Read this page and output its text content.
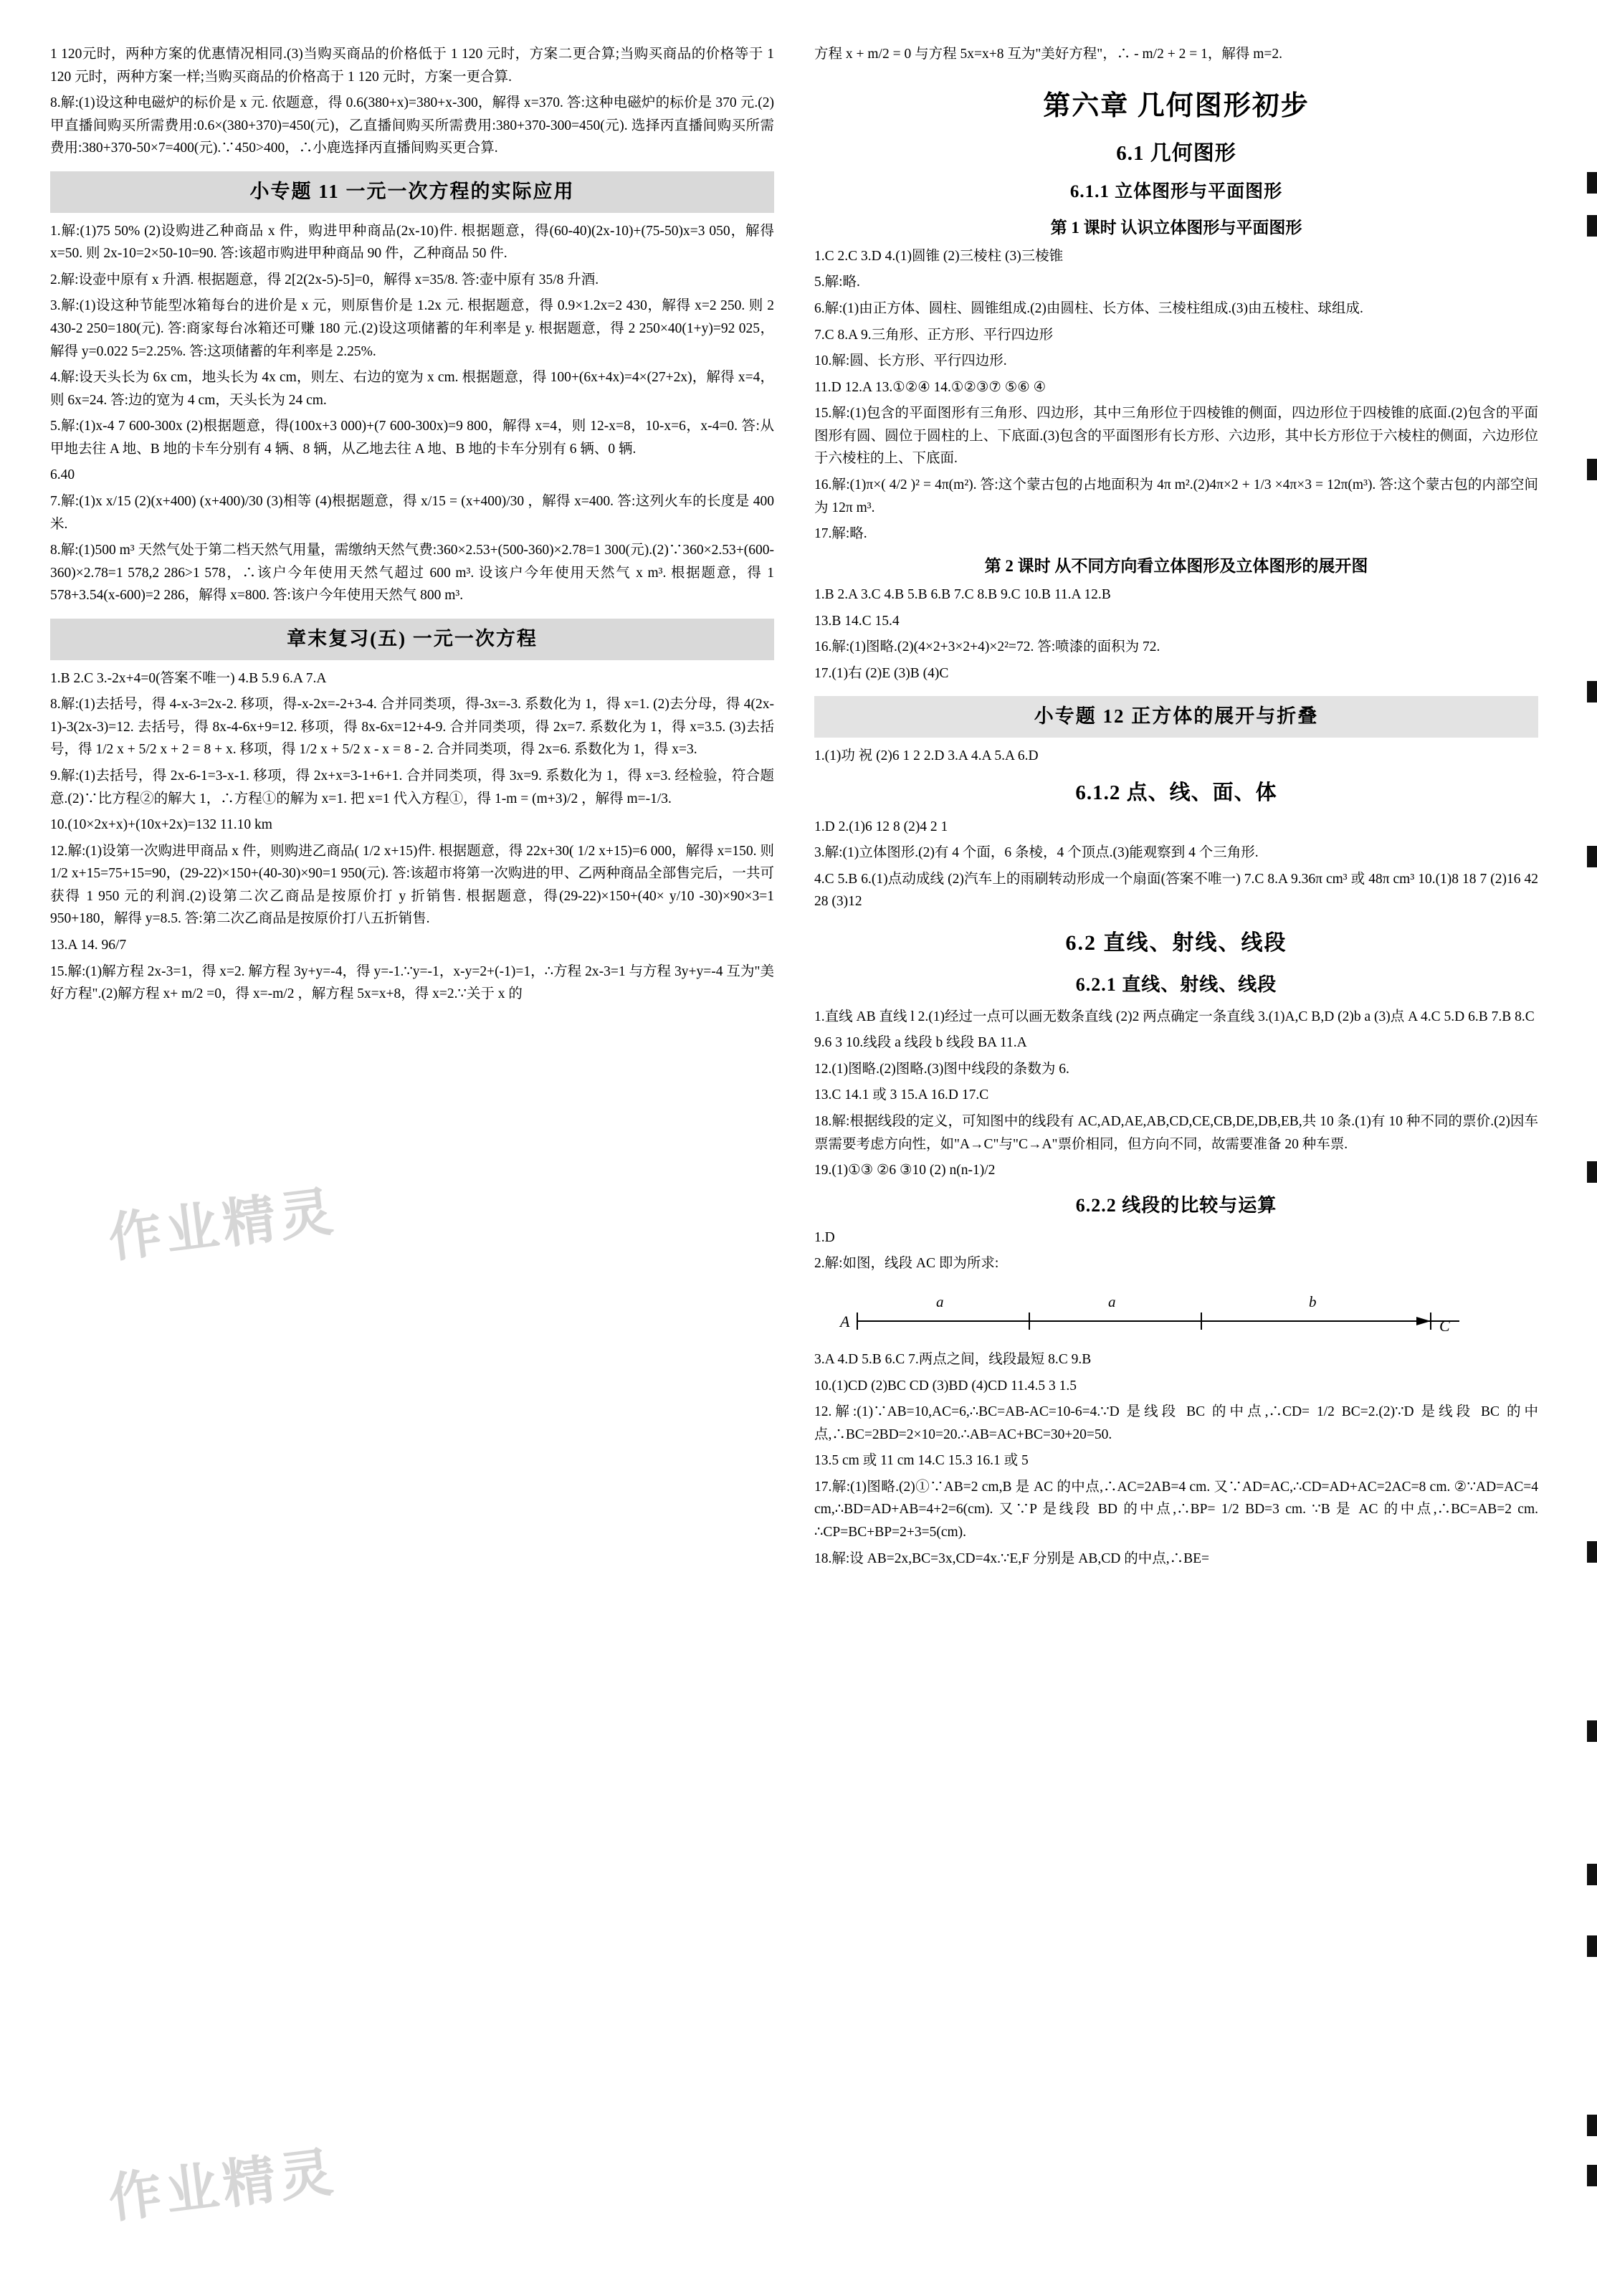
作业精灵
作业精灵

1 120元时，两种方案的优惠情况相同.(3)当购买商品的价格低于 1 120 元时，方案二更合算;当购买商品的价格等于 1 120 元时，两种方案一样;当购买商品的价格高于 1 120 元时，方案一更合算.

8.解:(1)设这种电磁炉的标价是 x 元. 依题意，得 0.6(380+x)=380+x-300，解得 x=370. 答:这种电磁炉的标价是 370 元.(2)甲直播间购买所需费用:0.6×(380+370)=450(元)，乙直播间购买所需费用:380+370-300=450(元). 选择丙直播间购买所需费用:380+370-50×7=400(元).∵450>400，∴小鹿选择丙直播间购买更合算.

小专题 11 一元一次方程的实际应用

1.解:(1)75 50% (2)设购进乙种商品 x 件，购进甲种商品(2x-10)件. 根据题意，得(60-40)(2x-10)+(75-50)x=3 050，解得 x=50. 则 2x-10=2×50-10=90. 答:该超市购进甲种商品 90 件，乙种商品 50 件.

2.解:设壶中原有 x 升酒. 根据题意，得 2[2(2x-5)-5]=0，解得 x=35/8. 答:壶中原有 35/8 升酒.

3.解:(1)设这种节能型冰箱每台的进价是 x 元，则原售价是 1.2x 元. 根据题意，得 0.9×1.2x=2 430，解得 x=2 250. 则 2 430-2 250=180(元). 答:商家每台冰箱还可赚 180 元.(2)设这项储蓄的年利率是 y. 根据题意，得 2 250×40(1+y)=92 025，解得 y=0.022 5=2.25%. 答:这项储蓄的年利率是 2.25%.

4.解:设天头长为 6x cm，地头长为 4x cm，则左、右边的宽为 x cm. 根据题意，得 100+(6x+4x)=4×(27+2x)，解得 x=4，则 6x=24. 答:边的宽为 4 cm，天头长为 24 cm.

5.解:(1)x-4 7 600-300x (2)根据题意，得(100x+3 000)+(7 600-300x)=9 800，解得 x=4，则 12-x=8，10-x=6，x-4=0. 答:从甲地去往 A 地、B 地的卡车分别有 4 辆、8 辆，从乙地去往 A 地、B 地的卡车分别有 6 辆、0 辆.

6.40

7.解:(1)x x/15 (2)(x+400) (x+400)/30 (3)相等 (4)根据题意，得 x/15 = (x+400)/30 ，解得 x=400. 答:这列火车的长度是 400 米.

8.解:(1)500 m³ 天然气处于第二档天然气用量，需缴纳天然气费:360×2.53+(500-360)×2.78=1 300(元).(2)∵360×2.53+(600-360)×2.78=1 578,2 286>1 578，∴该户今年使用天然气超过 600 m³. 设该户今年使用天然气 x m³. 根据题意，得 1 578+3.54(x-600)=2 286，解得 x=800. 答:该户今年使用天然气 800 m³.

章末复习(五) 一元一次方程

1.B 2.C 3.-2x+4=0(答案不唯一) 4.B 5.9 6.A 7.A

8.解:(1)去括号，得 4-x-3=2x-2. 移项，得-x-2x=-2+3-4. 合并同类项，得-3x=-3. 系数化为 1，得 x=1. (2)去分母，得 4(2x-1)-3(2x-3)=12. 去括号，得 8x-4-6x+9=12. 移项，得 8x-6x=12+4-9. 合并同类项，得 2x=7. 系数化为 1，得 x=3.5. (3)去括号，得 1/2 x + 5/2 x + 2 = 8 + x. 移项，得 1/2 x + 5/2 x - x = 8 - 2. 合并同类项，得 2x=6. 系数化为 1，得 x=3.

9.解:(1)去括号，得 2x-6-1=3-x-1. 移项，得 2x+x=3-1+6+1. 合并同类项，得 3x=9. 系数化为 1，得 x=3. 经检验，符合题意.(2)∵比方程②的解大 1，∴方程①的解为 x=1. 把 x=1 代入方程①，得 1-m = (m+3)/2 ，解得 m=-1/3.

10.(10×2x+x)+(10x+2x)=132 11.10 km

12.解:(1)设第一次购进甲商品 x 件，则购进乙商品( 1/2 x+15)件. 根据题意，得 22x+30( 1/2 x+15)=6 000，解得 x=150. 则 1/2 x+15=75+15=90，(29-22)×150+(40-30)×90=1 950(元). 答:该超市将第一次购进的甲、乙两种商品全部售完后，一共可获得 1 950 元的利润.(2)设第二次乙商品是按原价打 y 折销售. 根据题意，得(29-22)×150+(40× y/10 -30)×90×3=1 950+180，解得 y=8.5. 答:第二次乙商品是按原价打八五折销售.

13.A 14. 96/7

15.解:(1)解方程 2x-3=1，得 x=2. 解方程 3y+y=-4，得 y=-1.∵y=-1，x-y=2+(-1)=1，∴方程 2x-3=1 与方程 3y+y=-4 互为"美好方程".(2)解方程 x+ m/2 =0，得 x=-m/2 ，解方程 5x=x+8，得 x=2.∵关于 x 的

方程 x + m/2 = 0 与方程 5x=x+8 互为"美好方程"，∴ - m/2 + 2 = 1，解得 m=2.

第六章 几何图形初步
6.1 几何图形
6.1.1 立体图形与平面图形
第 1 课时 认识立体图形与平面图形

1.C 2.C 3.D 4.(1)圆锥 (2)三棱柱 (3)三棱锥

5.解:略.

6.解:(1)由正方体、圆柱、圆锥组成.(2)由圆柱、长方体、三棱柱组成.(3)由五棱柱、球组成.

7.C 8.A 9.三角形、正方形、平行四边形

10.解:圆、长方形、平行四边形.

11.D 12.A 13.①②④ 14.①②③⑦ ⑤⑥ ④

15.解:(1)包含的平面图形有三角形、四边形，其中三角形位于四棱锥的侧面，四边形位于四棱锥的底面.(2)包含的平面图形有圆、圆位于圆柱的上、下底面.(3)包含的平面图形有长方形、六边形，其中长方形位于六棱柱的侧面，六边形位于六棱柱的上、下底面.

16.解:(1)π×( 4/2 )² = 4π(m²). 答:这个蒙古包的占地面积为 4π m².(2)4π×2 + 1/3 ×4π×3 = 12π(m³). 答:这个蒙古包的内部空间为 12π m³.

17.解:略.

第 2 课时 从不同方向看立体图形及立体图形的展开图

1.B 2.A 3.C 4.B 5.B 6.B 7.C 8.B 9.C 10.B 11.A 12.B

13.B 14.C 15.4

16.解:(1)图略.(2)(4×2+3×2+4)×2²=72. 答:喷漆的面积为 72.

17.(1)右 (2)E (3)B (4)C

小专题 12 正方体的展开与折叠

1.(1)功 祝 (2)6 1 2 2.D 3.A 4.A 5.A 6.D

6.1.2 点、线、面、体

1.D 2.(1)6 12 8 (2)4 2 1

3.解:(1)立体图形.(2)有 4 个面，6 条棱，4 个顶点.(3)能观察到 4 个三角形.

4.C 5.B 6.(1)点动成线 (2)汽车上的雨刷转动形成一个扇面(答案不唯一) 7.C 8.A 9.36π cm³ 或 48π cm³ 10.(1)8 18 7 (2)16 42 28 (3)12

6.2 直线、射线、线段
6.2.1 直线、射线、线段

1.直线 AB 直线 l 2.(1)经过一点可以画无数条直线 (2)2 两点确定一条直线 3.(1)A,C B,D (2)b a (3)点 A 4.C 5.D 6.B 7.B 8.C

9.6 3 10.线段 a 线段 b 线段 BA 11.A

12.(1)图略.(2)图略.(3)图中线段的条数为 6.

13.C 14.1 或 3 15.A 16.D 17.C

18.解:根据线段的定义，可知图中的线段有 AC,AD,AE,AB,CD,CE,CB,DE,DB,EB,共 10 条.(1)有 10 种不同的票价.(2)因车票需要考虑方向性，如"A→C"与"C→A"票价相同，但方向不同，故需要准备 20 种车票.

19.(1)①③ ②6 ③10 (2) n(n-1)/2

6.2.2 线段的比较与运算

1.D

2.解:如图，线段 AC 即为所求:

A	C
a	a	b

3.A 4.D 5.B 6.C 7.两点之间，线段最短 8.C 9.B

10.(1)CD (2)BC CD (3)BD (4)CD 11.4.5 3 1.5

12.解:(1)∵AB=10,AC=6,∴BC=AB-AC=10-6=4.∵D 是线段 BC 的中点,∴CD= 1/2 BC=2.(2)∵D 是线段 BC 的中点,∴BC=2BD=2×10=20.∴AB=AC+BC=30+20=50.

13.5 cm 或 11 cm 14.C 15.3 16.1 或 5

17.解:(1)图略.(2)①∵AB=2 cm,B 是 AC 的中点,∴AC=2AB=4 cm. 又∵AD=AC,∴CD=AD+AC=2AC=8 cm. ②∵AD=AC=4 cm,∴BD=AD+AB=4+2=6(cm). 又∵P 是线段 BD 的中点,∴BP= 1/2 BD=3 cm. ∵B 是 AC 的中点,∴BC=AB=2 cm. ∴CP=BC+BP=2+3=5(cm).

18.解:设 AB=2x,BC=3x,CD=4x.∵E,F 分别是 AB,CD 的中点,∴BE=
